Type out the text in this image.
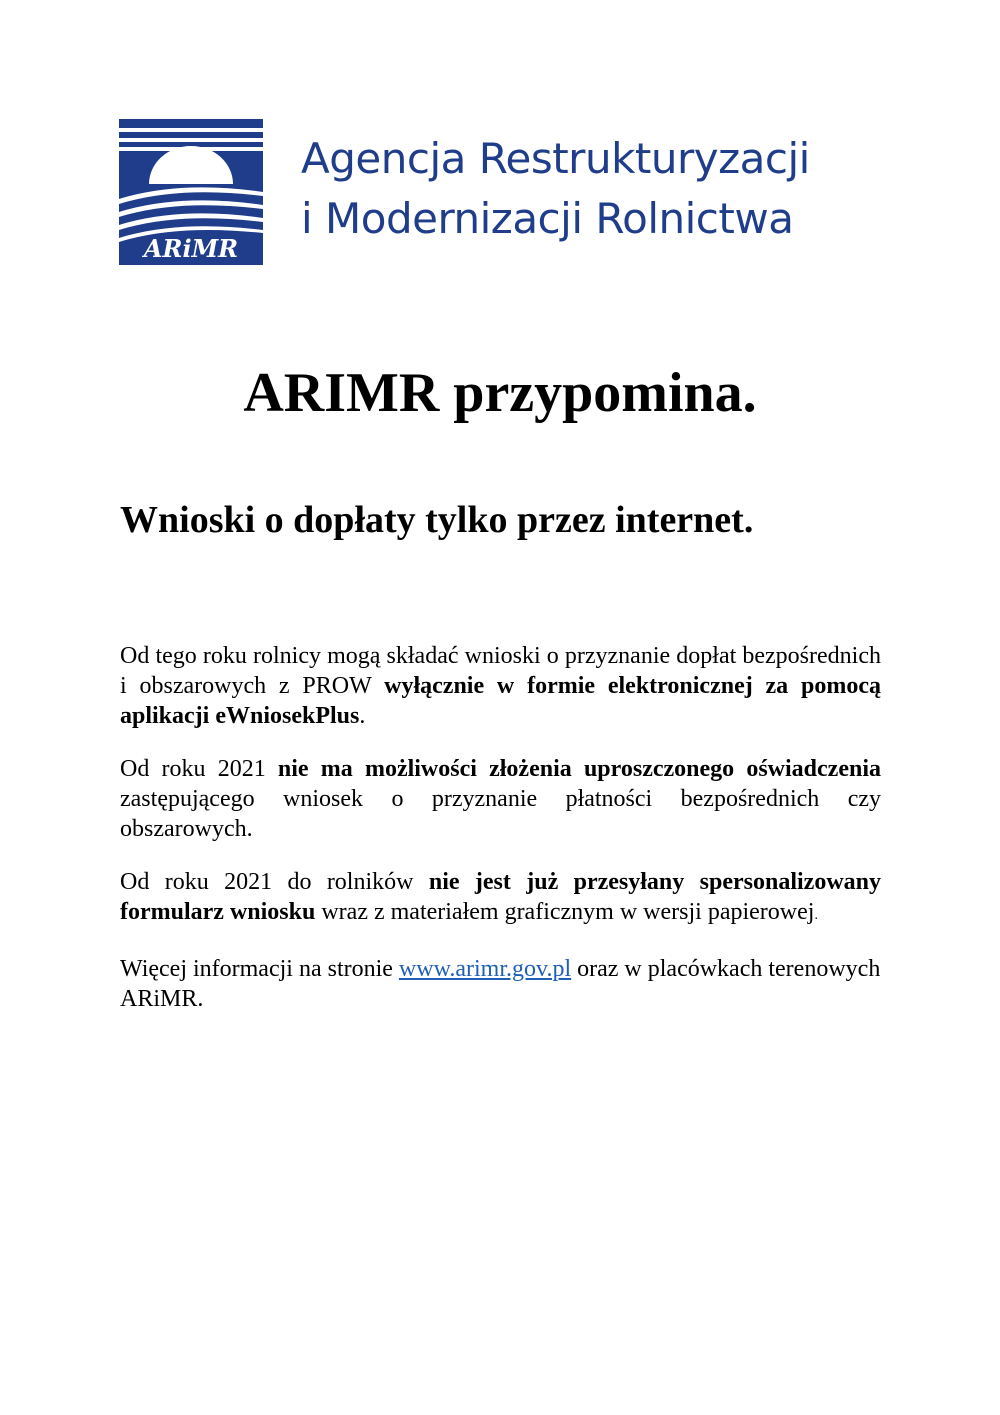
ARiMR
Agencja Restrukturyzacji
i Modernizacji Rolnictwa
ARIMR przypomina.
Wnioski o dopłaty tylko przez internet.

Od tego roku rolnicy mogą składać wnioski o przyznanie dopłat bezpośrednich i obszarowych z PROW wyłącznie w formie elektronicznej za pomocą aplikacji eWniosekPlus.

Od roku 2021 nie ma możliwości złożenia uproszczonego oświadczenia zastępującego wniosek o przyznanie płatności bezpośrednich czy obszarowych.

Od roku 2021 do rolników nie jest już przesyłany spersonalizowany formularz wniosku wraz z materiałem graficznym w wersji papierowej.

Więcej informacji na stronie www.arimr.gov.pl oraz w placówkach terenowych ARiMR.
